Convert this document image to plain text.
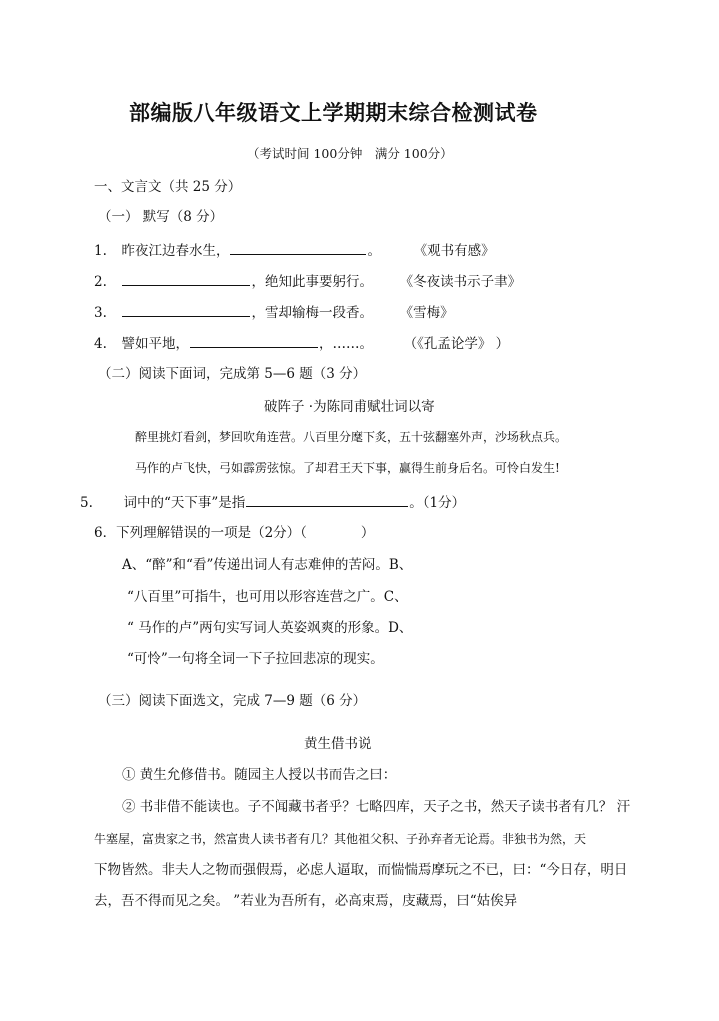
部编版八年级语文上学期期末综合检测试卷
（考试时间 100分钟　满分 100分）
一、文言文（共 25 分）
（一） 默写（8 分）
1. 昨夜江边春水生，	。 《观书有感》
2.	，绝知此事要躬行。 《冬夜读书示子聿》
3.	，雪却输梅一段香。 《雪梅》
4. 譬如平地，	，……。 （《孔孟论学》 ）
（二）阅读下面词，完成第 5—6 题（3 分）
破阵子 ·为陈同甫赋壮词以寄
醉里挑灯看剑，梦回吹角连营。八百里分麾下炙，五十弦翻塞外声，沙场秋点兵。
马作的卢飞快，弓如霹雳弦惊。了却君王天下事，赢得生前身后名。可怜白发生!
5. 词中的“天下事”是指	。（1分）
6．下列理解错误的一项是（2分）（　　　　）
A、“醉”和“看”传递出词人有志难伸的苦闷。B、
“八百里”可指牛，也可用以形容连营之广。C、
“ 马作的卢”两句实写词人英姿飒爽的形象。D、
“可怜”一句将全词一下子拉回悲凉的现实。
（三）阅读下面选文，完成 7—9 题（6 分）
黄生借书说
① 黄生允修借书。随园主人授以书而告之曰：
② 书非借不能读也。子不闻藏书者乎？七略四库，天子之书，然天子读书者有几？ 汗
牛塞屋，富贵家之书，然富贵人读书者有几？其他祖父积、子孙弃者无论焉。非独书为然，天
下物皆然。非夫人之物而强假焉，必虑人逼取，而惴惴焉摩玩之不已，曰：“今日存，明日
去，吾不得而见之矣。 ”若业为吾所有，必高束焉，庋藏焉，曰“姑俟异
